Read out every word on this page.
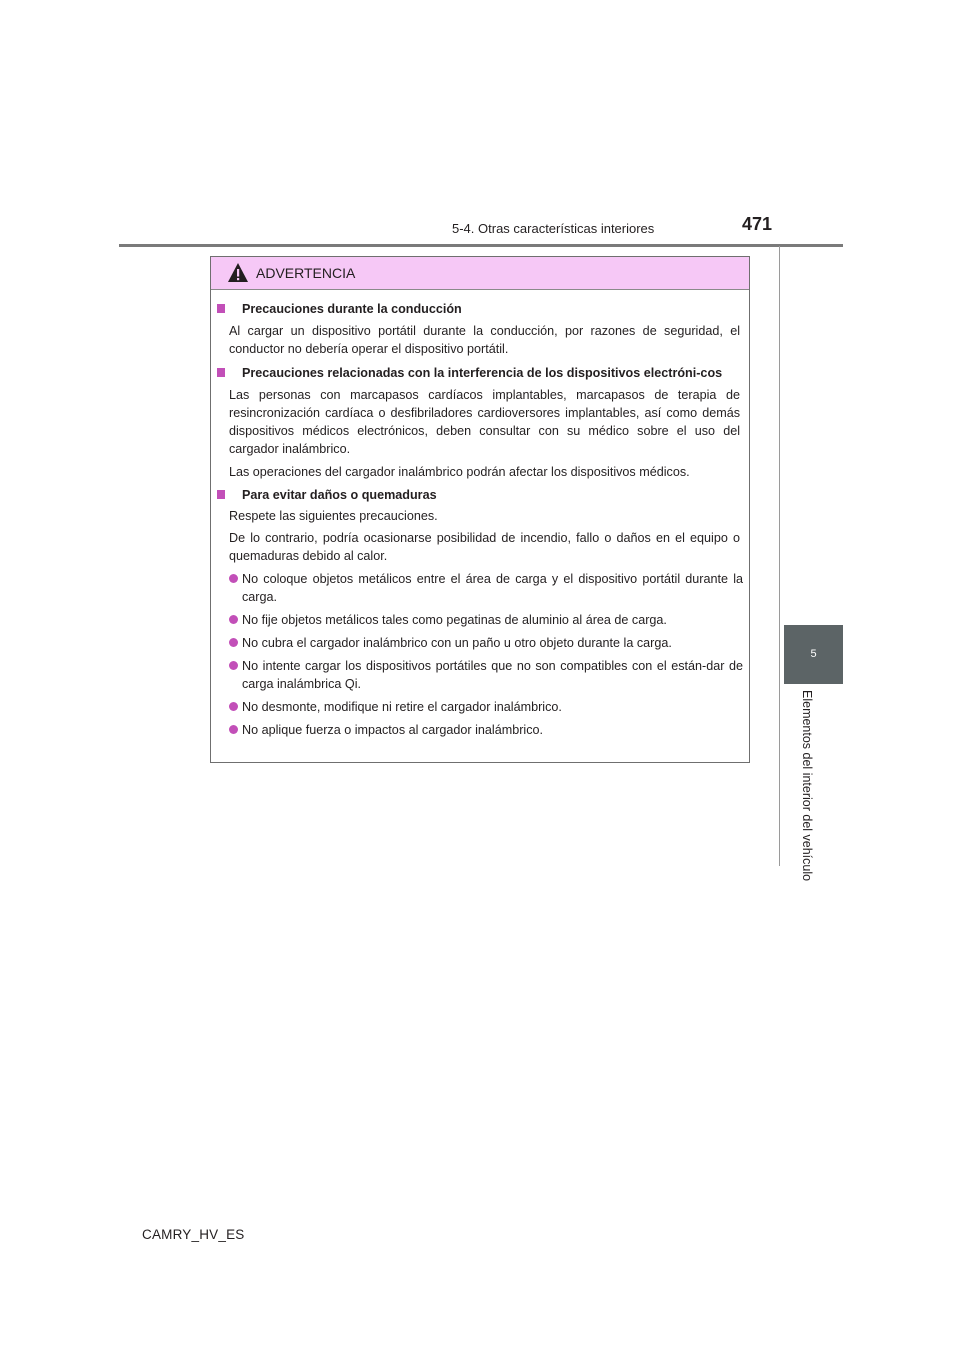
5-4. Otras características interiores	471
5
Elementos del interior del vehículo
ADVERTENCIA
Precauciones durante la conducción
Al cargar un dispositivo portátil durante la conducción, por razones de seguridad, el conductor no debería operar el dispositivo portátil.
Precauciones relacionadas con la interferencia de los dispositivos electróni-cos
Las personas con marcapasos cardíacos implantables, marcapasos de terapia de resincronización cardíaca o desfibriladores cardioversores implantables, así como demás dispositivos médicos electrónicos, deben consultar con su médico sobre el uso del cargador inalámbrico.
Las operaciones del cargador inalámbrico podrán afectar los dispositivos médicos.
Para evitar daños o quemaduras
Respete las siguientes precauciones.
De lo contrario, podría ocasionarse posibilidad de incendio, fallo o daños en el equipo o quemaduras debido al calor.
No coloque objetos metálicos entre el área de carga y el dispositivo portátil durante la carga.
No fije objetos metálicos tales como pegatinas de aluminio al área de carga.
No cubra el cargador inalámbrico con un paño u otro objeto durante la carga.
No intente cargar los dispositivos portátiles que no son compatibles con el están-dar de carga inalámbrica Qi.
No desmonte, modifique ni retire el cargador inalámbrico.
No aplique fuerza o impactos al cargador inalámbrico.
CAMRY_HV_ES
